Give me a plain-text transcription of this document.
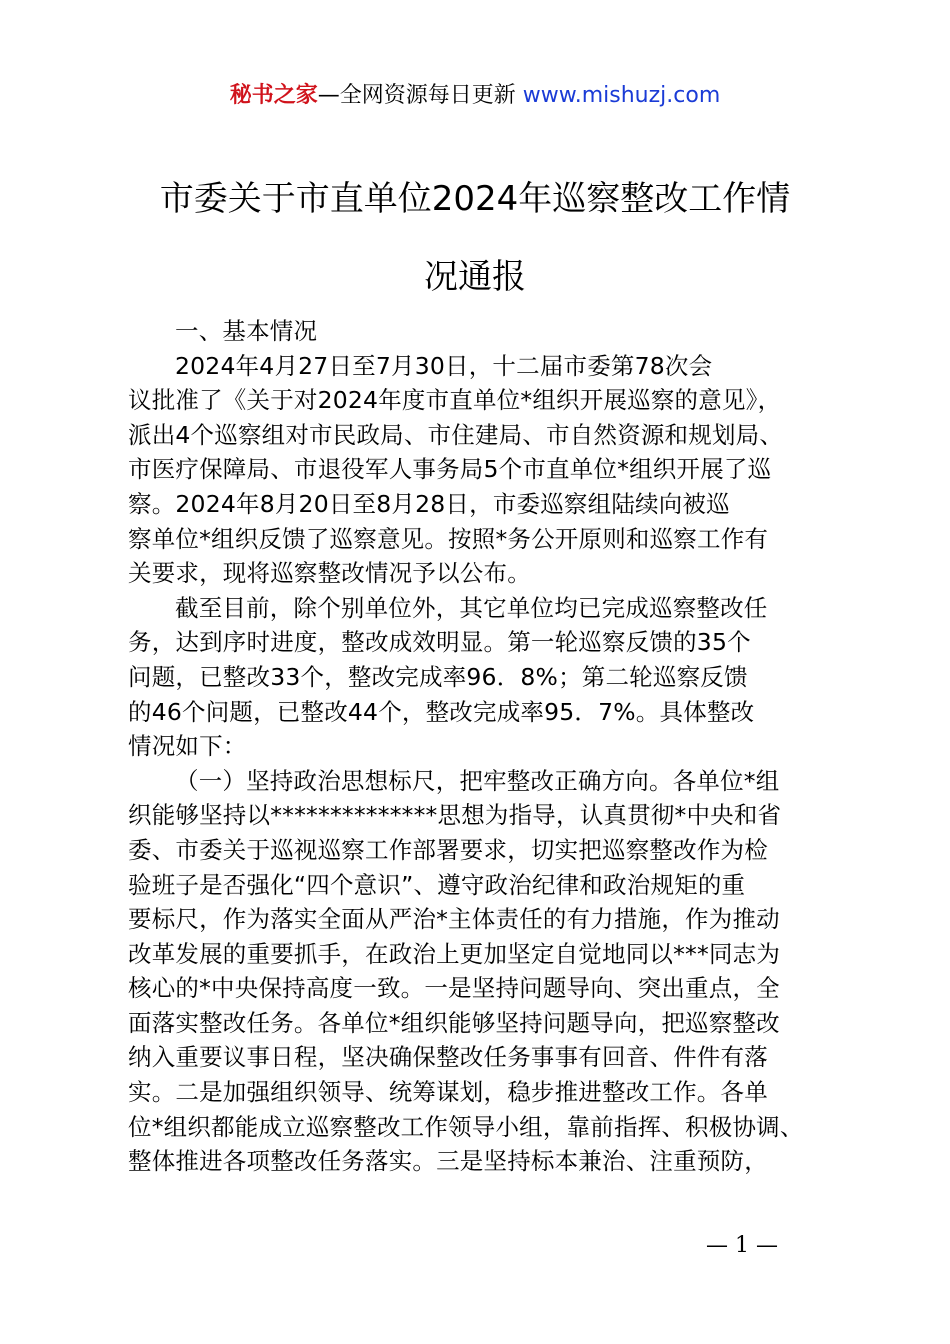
秘书之家—全网资源每日更新 www.mishuzj.com
市委关于市直单位2024年巡察整改工作情
况通报

一、基本情况

2024年4月27日至7月30日，十二届市委第78次会
议批准了《关于对2024年度市直单位*组织开展巡察的意见》，
派出4个巡察组对市民政局、市住建局、市自然资源和规划局、
市医疗保障局、市退役军人事务局5个市直单位*组织开展了巡
察。2024年8月20日至8月28日，市委巡察组陆续向被巡
察单位*组织反馈了巡察意见。按照*务公开原则和巡察工作有
关要求，现将巡察整改情况予以公布。

截至目前，除个别单位外，其它单位均已完成巡察整改任
务，达到序时进度，整改成效明显。第一轮巡察反馈的35个
问题，已整改33个，整改完成率96．8%；第二轮巡察反馈
的46个问题，已整改44个，整改完成率95．7%。具体整改
情况如下：

（一）坚持政治思想标尺，把牢整改正确方向。各单位*组
织能够坚持以**************思想为指导，认真贯彻*中央和省
委、市委关于巡视巡察工作部署要求，切实把巡察整改作为检
验班子是否强化“四个意识”、遵守政治纪律和政治规矩的重
要标尺，作为落实全面从严治*主体责任的有力措施，作为推动
改革发展的重要抓手，在政治上更加坚定自觉地同以***同志为
核心的*中央保持高度一致。一是坚持问题导向、突出重点，全
面落实整改任务。各单位*组织能够坚持问题导向，把巡察整改
纳入重要议事日程，坚决确保整改任务事事有回音、件件有落
实。二是加强组织领导、统筹谋划，稳步推进整改工作。各单
位*组织都能成立巡察整改工作领导小组，靠前指挥、积极协调、
整体推进各项整改任务落实。三是坚持标本兼治、注重预防，

— 1 —
